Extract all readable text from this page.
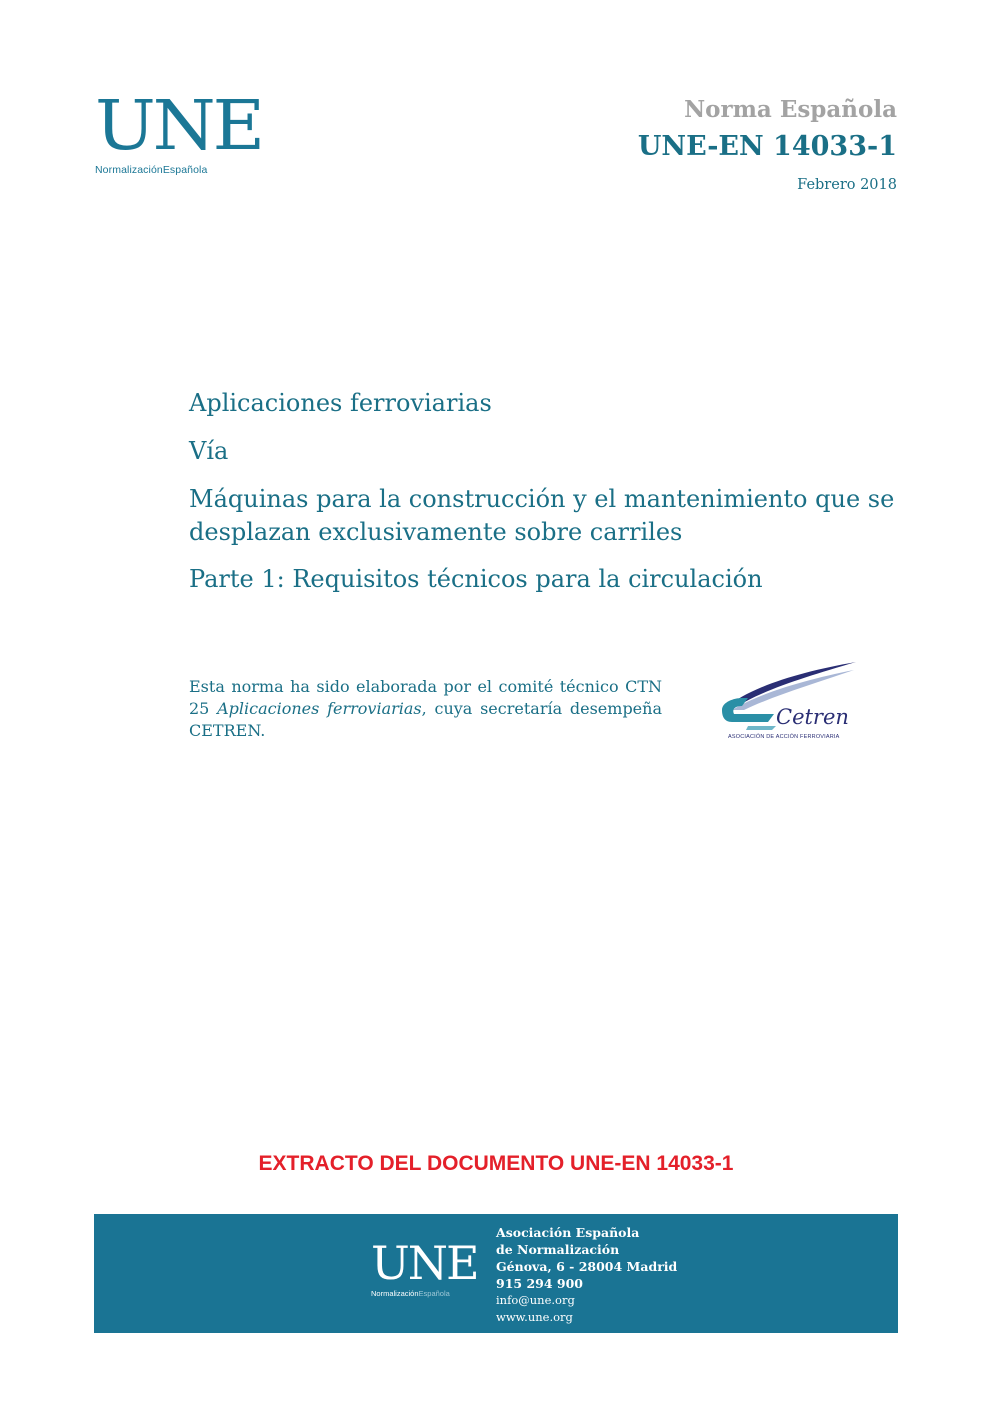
UNE
NormalizaciónEspañola
Norma Española
UNE-EN 14033-1
Febrero 2018

Aplicaciones ferroviarias

Vía

Máquinas para la construcción y el mantenimiento que se desplazan exclusivamente sobre carriles

Parte 1: Requisitos técnicos para la circulación

Esta norma ha sido elaborada por el comité técnico CTN 25 Aplicaciones ferroviarias, cuya secretaría desempeña CETREN.
Cetren
ASOCIACIÓN DE ACCIÓN FERROVIARIA
EXTRACTO DEL DOCUMENTO UNE-EN 14033-1
UNE
NormalizaciónEspañola
Asociación Española
de Normalización
Génova, 6 - 28004 Madrid
915 294 900
info@une.org
www.une.org
